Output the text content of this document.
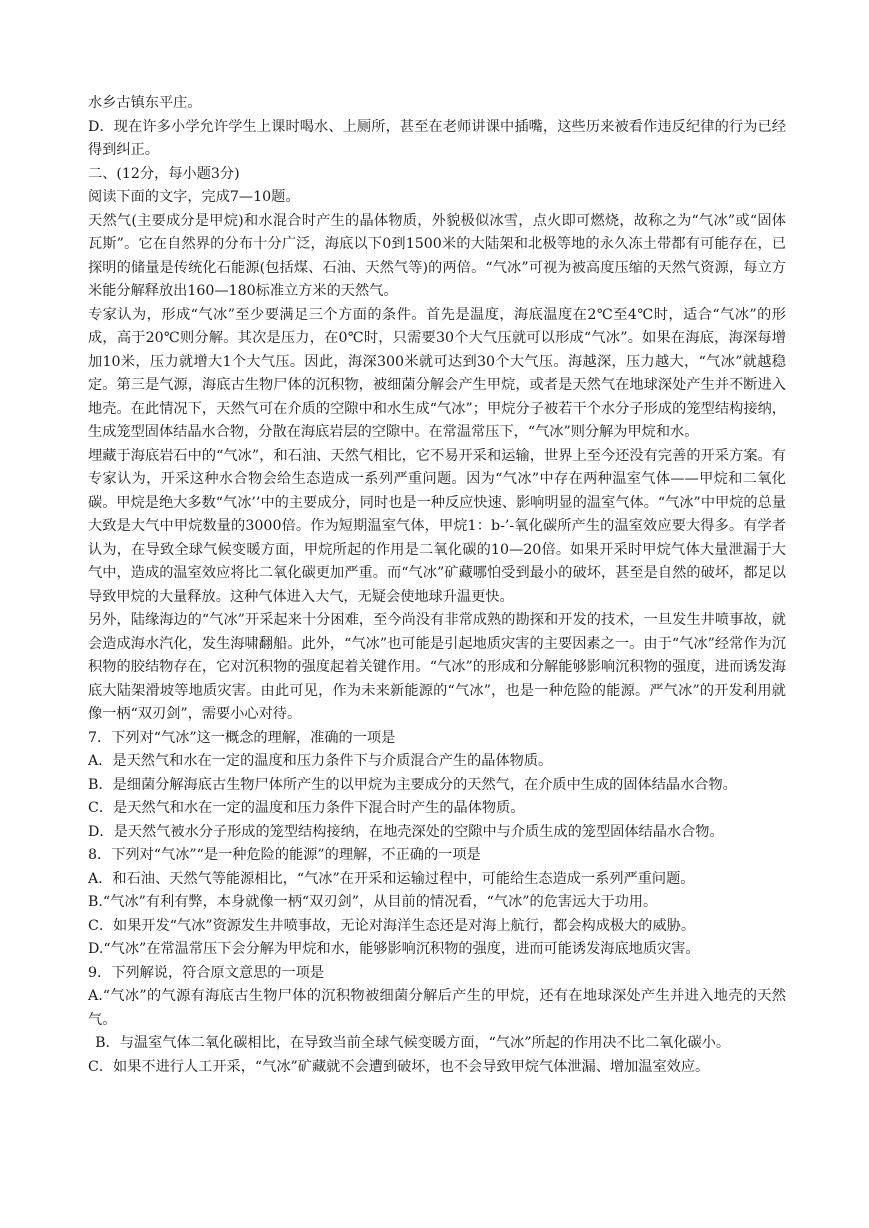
水乡古镇东平庄。

D．现在许多小学允许学生上课时喝水、上厕所，甚至在老师讲课中插嘴，这些历来被看作违反纪律的行为已经得到纠正。

二、(12分，每小题3分)

阅读下面的文字，完成7—10题。

天然气(主要成分是甲烷)和水混合时产生的晶体物质，外貌极似冰雪，点火即可燃烧，故称之为“气冰”或“固体瓦斯”。它在自然界的分布十分广泛，海底以下0到1500米的大陆架和北极等地的永久冻土带都有可能存在，已探明的储量是传统化石能源(包括煤、石油、天然气等)的两倍。“气冰”可视为被高度压缩的天然气资源，每立方米能分解释放出160—180标准立方米的天然气。

专家认为，形成“气冰”至少要满足三个方面的条件。首先是温度，海底温度在2℃至4℃时，适合“气冰”的形成，高于20℃则分解。其次是压力，在0℃时，只需要30个大气压就可以形成“气冰”。如果在海底，海深每增加10米，压力就增大1个大气压。因此，海深300米就可达到30个大气压。海越深，压力越大，“气冰”就越稳定。第三是气源，海底古生物尸体的沉积物，被细菌分解会产生甲烷，或者是天然气在地球深处产生并不断进入地壳。在此情况下，天然气可在介质的空隙中和水生成“气冰”；甲烷分子被若干个水分子形成的笼型结构接纳，生成笼型固体结晶水合物，分散在海底岩层的空隙中。在常温常压下，“气冰”则分解为甲烷和水。

埋藏于海底岩石中的“气冰”，和石油、天然气相比，它不易开采和运输，世界上至今还没有完善的开采方案。有专家认为，开采这种水合物会给生态造成一系列严重问题。因为“气冰”中存在两种温室气体——甲烷和二氧化碳。甲烷是绝大多数“气冰’’中的主要成分，同时也是一种反应快速、影响明显的温室气体。“气冰”中甲烷的总量大致是大气中甲烷数量的3000倍。作为短期温室气体，甲烷1：b-’-氧化碳所产生的温室效应要大得多。有学者认为，在导致全球气候变暖方面，甲烷所起的作用是二氧化碳的10—20倍。如果开采时甲烷气体大量泄漏于大气中，造成的温室效应将比二氧化碳更加严重。而“气冰”矿藏哪怕受到最小的破坏，甚至是自然的破坏，都足以导致甲烷的大量释放。这种气体进入大气，无疑会使地球升温更快。

另外，陆缘海边的“气冰”开采起来十分困难，至今尚没有非常成熟的勘探和开发的技术，一旦发生井喷事故，就会造成海水汽化，发生海啸翻船。此外，“气冰”也可能是引起地质灾害的主要因素之一。由于“气冰”经常作为沉积物的胶结物存在，它对沉积物的强度起着关键作用。“气冰”的形成和分解能够影响沉积物的强度，进而诱发海底大陆架滑坡等地质灾害。由此可见，作为未来新能源的“气冰”，也是一种危险的能源。严气冰”的开发利用就像一柄“双刃剑”，需要小心对待。

7．下列对“气冰”这一概念的理解，准确的一项是

A．是天然气和水在一定的温度和压力条件下与介质混合产生的晶体物质。

B．是细菌分解海底古生物尸体所产生的以甲烷为主要成分的天然气，在介质中生成的固体结晶水合物。

C．是天然气和水在一定的温度和压力条件下混合时产生的晶体物质。

D．是天然气被水分子形成的笼型结构接纳，在地壳深处的空隙中与介质生成的笼型固体结晶水合物。

8．下列对“气冰”“是一种危险的能源”的理解，不正确的一项是

A．和石油、天然气等能源相比，“气冰”在开采和运输过程中，可能给生态造成一系列严重问题。

B.“气冰”有利有弊，本身就像一柄“双刃剑”，从目前的情况看，“气冰”的危害远大于功用。

C．如果开发“气冰”资源发生井喷事故，无论对海洋生态还是对海上航行，都会构成极大的威胁。

D.“气冰”在常温常压下会分解为甲烷和水，能够影响沉积物的强度，进而可能诱发海底地质灾害。

9．下列解说，符合原文意思的一项是

A.“气冰”的气源有海底古生物尸体的沉积物被细菌分解后产生的甲烷，还有在地球深处产生并进入地壳的天然气。

B．与温室气体二氧化碳相比，在导致当前全球气候变暖方面，“气冰”所起的作用决不比二氧化碳小。

C．如果不进行人工开采，“气冰”矿藏就不会遭到破坏，也不会导致甲烷气体泄漏、增加温室效应。
